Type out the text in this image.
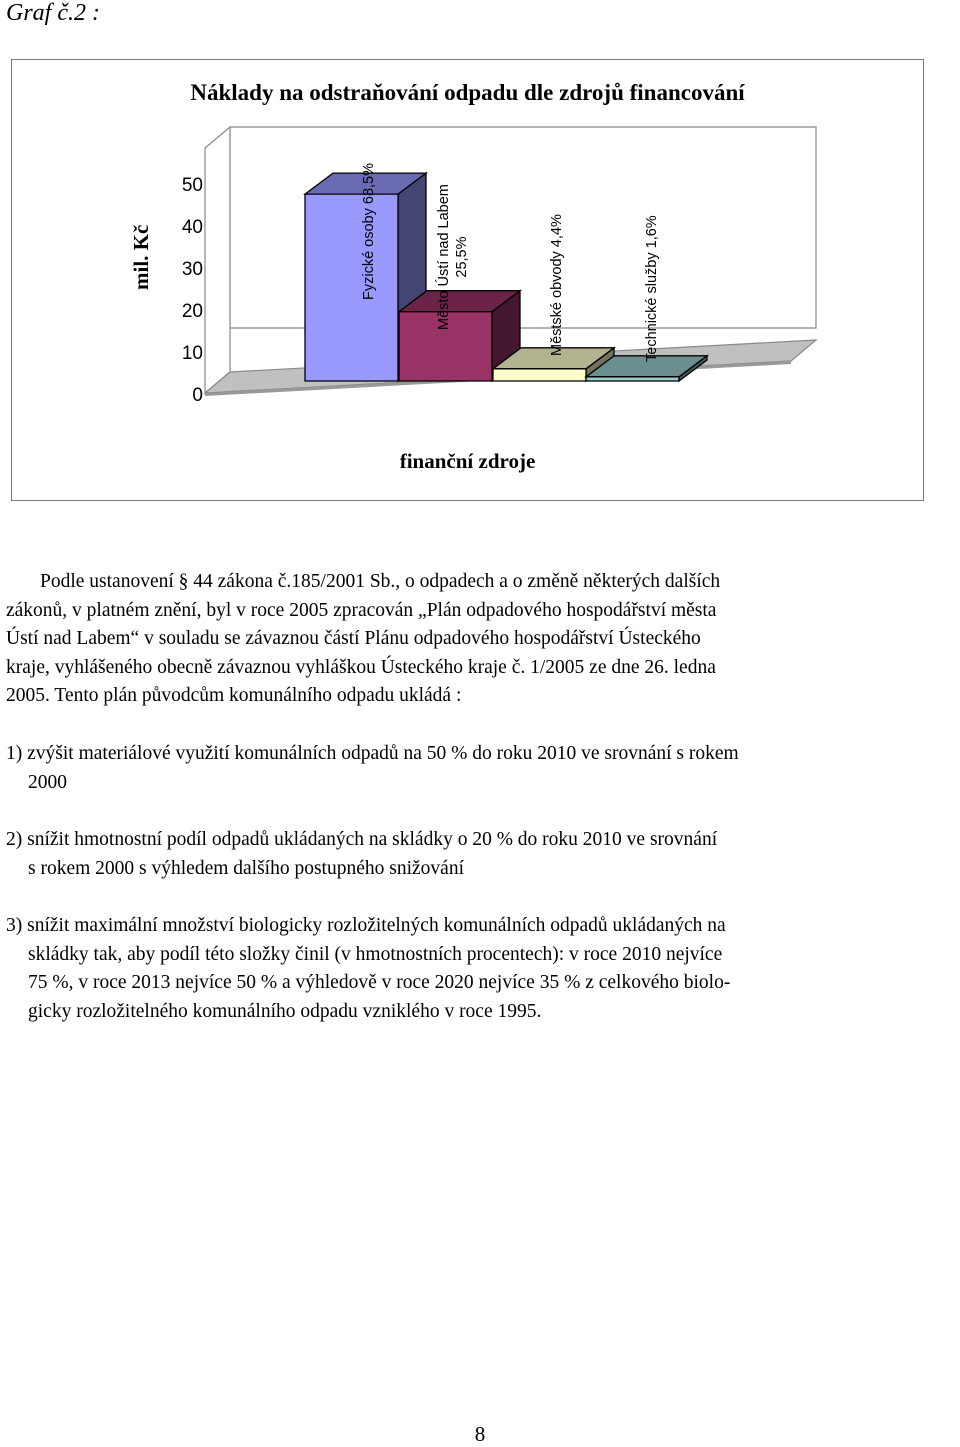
Graf č.2 :
Náklady na odstraňování odpadu dle zdrojů financování
50
40
30
20
10
0
mil. Kč	Fyzické osoby 68,5%	Město Ústí nad Labem 25,5%	Městské obvody 4,4%	Technické služby 1,6%
finanční zdroje
Podle ustanovení § 44 zákona č.185/2001 Sb., o odpadech a o změně některých dalších
zákonů, v platném znění, byl v roce 2005 zpracován „Plán odpadového hospodářství města
Ústí nad Labem“ v souladu se závaznou částí Plánu odpadového hospodářství Ústeckého
kraje, vyhlášeného obecně závaznou vyhláškou Ústeckého kraje č. 1/2005 ze dne 26. ledna
2005. Tento plán původcům komunálního odpadu ukládá :
1) zvýšit materiálové využití komunálních odpadů na 50 % do roku 2010 ve srovnání s rokem
2000
2) snížit hmotnostní podíl odpadů ukládaných na skládky o 20 % do roku 2010 ve srovnání
s rokem 2000 s výhledem dalšího postupného snižování
3) snížit maximální množství biologicky rozložitelných komunálních odpadů ukládaných na
skládky tak, aby podíl této složky činil (v hmotnostních procentech): v roce 2010 nejvíce
75 %, v roce 2013 nejvíce 50 % a výhledově v roce 2020 nejvíce 35 % z celkového biolo-
gicky rozložitelného komunálního odpadu vzniklého v roce 1995.
8
